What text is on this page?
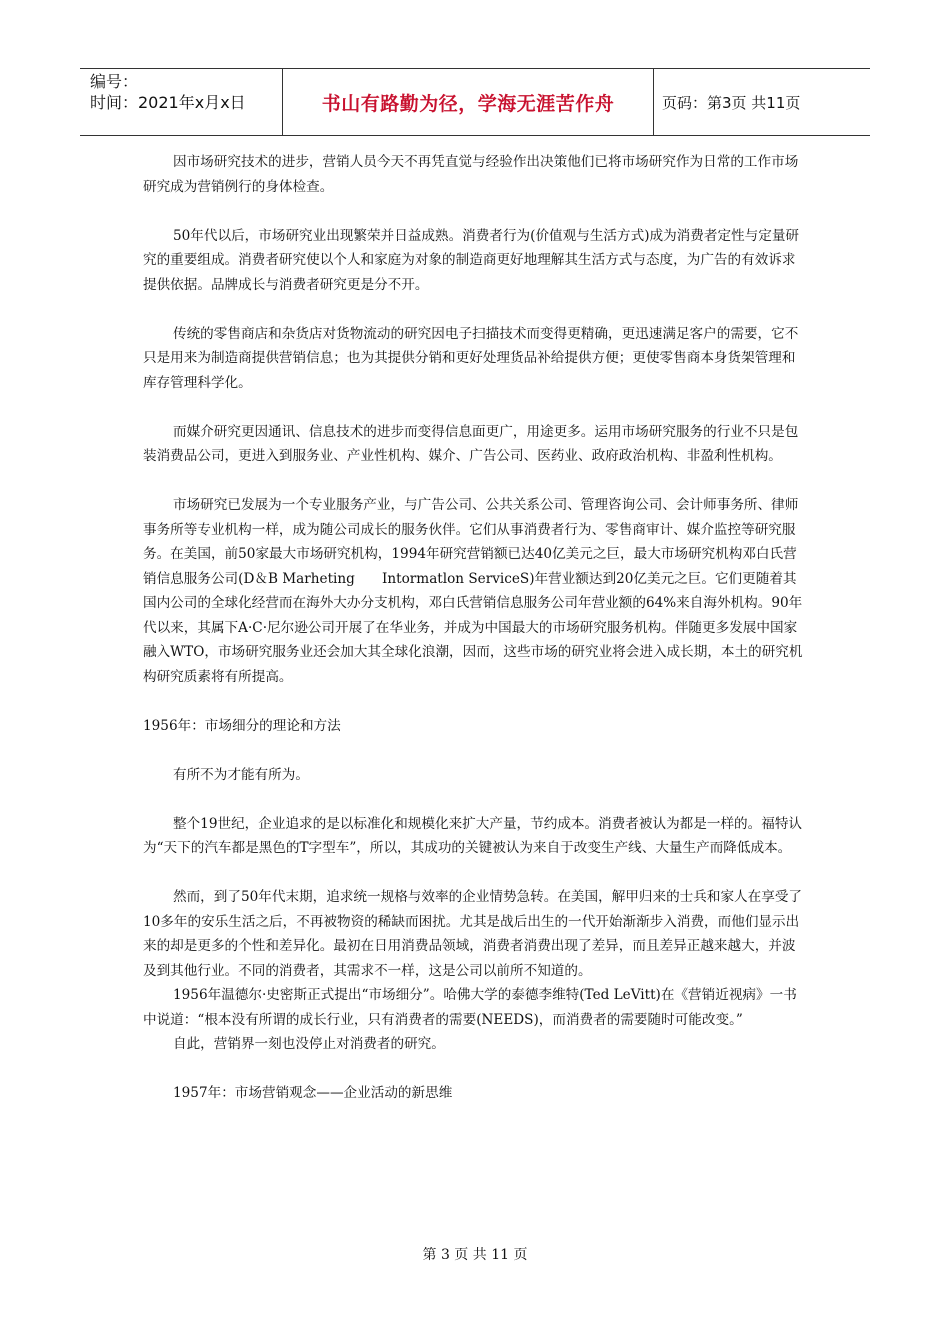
编号：
时间：2021年x月x日	书山有路勤为径，学海无涯苦作舟	页码：第3页 共11页

因市场研究技术的进步，营销人员今天不再凭直觉与经验作出决策他们已将市场研究作为日常的工作市场研究成为营销例行的身体检查。

50年代以后，市场研究业出现繁荣并日益成熟。消费者行为(价值观与生活方式)成为消费者定性与定量研究的重要组成。消费者研究使以个人和家庭为对象的制造商更好地理解其生活方式与态度，为广告的有效诉求提供依据。品牌成长与消费者研究更是分不开。

传统的零售商店和杂货店对货物流动的研究因电子扫描技术而变得更精确，更迅速满足客户的需要，它不只是用来为制造商提供营销信息；也为其提供分销和更好处理货品补给提供方便；更使零售商本身货架管理和库存管理科学化。

而媒介研究更因通讯、信息技术的进步而变得信息面更广，用途更多。运用市场研究服务的行业不只是包装消费品公司，更进入到服务业、产业性机构、媒介、广告公司、医药业、政府政治机构、非盈利性机构。

市场研究已发展为一个专业服务产业，与广告公司、公共关系公司、管理咨询公司、会计师事务所、律师事务所等专业机构一样，成为随公司成长的服务伙伴。它们从事消费者行为、零售商审计、媒介监控等研究服务。在美国，前50家最大市场研究机构，1994年研究营销额已达40亿美元之巨，最大市场研究机构邓白氏营销信息服务公司(D＆B Marheting　　Intormatlon ServiceS)年营业额达到20亿美元之巨。它们更随着其国内公司的全球化经营而在海外大办分支机构，邓白氏营销信息服务公司年营业额的64%来自海外机构。90年代以来，其属下A·C·尼尔逊公司开展了在华业务，并成为中国最大的市场研究服务机构。伴随更多发展中国家融入WTO，市场研究服务业还会加大其全球化浪潮，因而，这些市场的研究业将会进入成长期，本土的研究机构研究质素将有所提高。

1956年：市场细分的理论和方法

有所不为才能有所为。

整个19世纪，企业追求的是以标准化和规模化来扩大产量，节约成本。消费者被认为都是一样的。福特认为“天下的汽车都是黑色的T字型车”，所以，其成功的关键被认为来自于改变生产线、大量生产而降低成本。

然而，到了50年代末期，追求统一规格与效率的企业情势急转。在美国，解甲归来的士兵和家人在享受了10多年的安乐生活之后，不再被物资的稀缺而困扰。尤其是战后出生的一代开始渐渐步入消费，而他们显示出来的却是更多的个性和差异化。最初在日用消费品领域，消费者消费出现了差异，而且差异正越来越大，并波及到其他行业。不同的消费者，其需求不一样，这是公司以前所不知道的。

1956年温德尔·史密斯正式提出“市场细分”。哈佛大学的泰德李维特(Ted LeVitt)在《营销近视病》一书中说道：“根本没有所谓的成长行业，只有消费者的需要(NEEDS)，而消费者的需要随时可能改变。”

自此，营销界一刻也没停止对消费者的研究。

1957年：市场营销观念——企业活动的新思维

第 3 页 共 11 页
